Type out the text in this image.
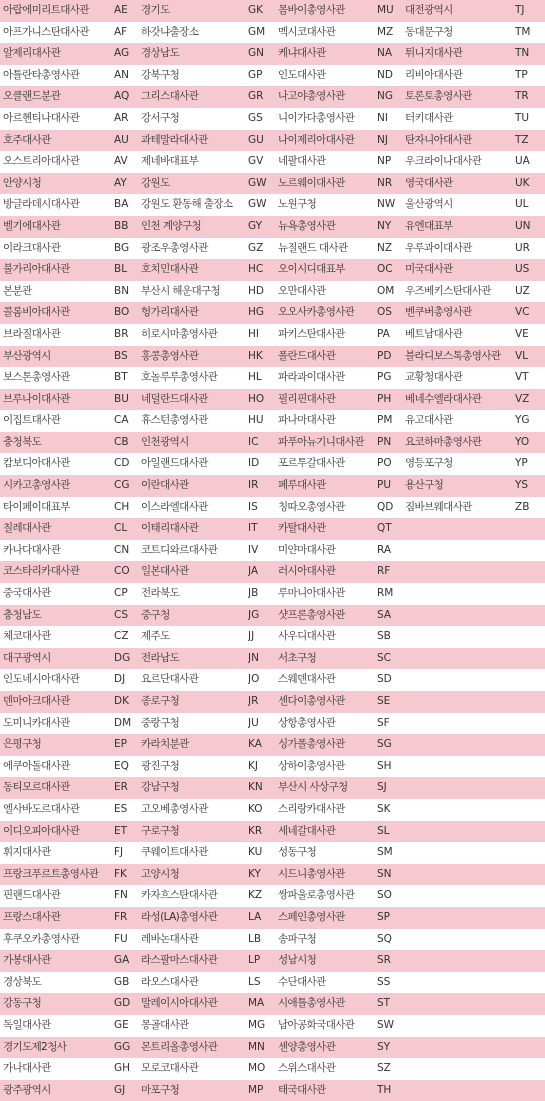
아랍에미리트대사관	AE	경기도	GK	몸바이총영사관	MU	대전광역시	TJ
아프가니스탄대사관	AF	하갓냐출장소	GM	멕시코대사관	MZ	동대문구청	TM
알제리대사관	AG	경상남도	GN	케냐대사관	NA	튀니지대사관	TN
아틀란타총영사관	AN	강북구청	GP	인도대사관	ND	리비아대사관	TP
오클랜드분관	AQ	그리스대사관	GR	나고야총영사관	NG	토론토총영사관	TR
아르헨티나대사관	AR	강서구청	GS	니이가다총영사관	NI	터키대사관	TU
호주대사관	AU	과테말라대사관	GU	나이제리아대사관	NJ	탄자니아대사관	TZ
오스트리아대사관	AV	제네바대표부	GV	네팔대사관	NP	우크라이나대사관	UA
안양시청	AY	강원도	GW	노르웨이대사관	NR	영국대사관	UK
방글라데시대사관	BA	강원도 환동해 출장소	GW	노원구청	NW 울산광역시	UL
벨기에대사관	BB	인천 계양구청	GY	뉴욕총영사관	NY	유엔대표부	UN
이라크대사관	BG	광조우총영사관	GZ	뉴질랜드 대사관	NZ	우루과이대사관	UR
불가리아대사관	BL	호치민대사관	HC	오이시디대표부	OC	미국대사관	US
본분관	BN	부산시 해운대구청	HD	오만대사관	OM	우즈베키스탄대사관	UZ
콜롬비아대사관	BO	헝가리대사관	HG	오오사카총영사관	OS	벤쿠버총영사관	VC
브라질대사관	BR	히로시마총영사관	HI	파키스탄대사관	PA	베트남대사관	VE
부산광역시	BS	홍콩총영사관	HK	폴란드대사관	PD	블라디보스톡총영사관	VL
보스톤총영사관	BT	호놀루루총영사관	HL	파라과이대사관	PG	교황청대사관	VT
브루나이대사관	BU	네덜란드대사관	HO	필리핀대사관	PH	베네수엘라대사관	VZ
이집트대사관	CA	휴스턴총영사관	HU	파나마대사관	PM	유고대사관	YG
충청북도	CB	인천광역시	IC	파푸아뉴기니대사관	PN	요코하마총영사관	YO
캄보디아대사관	CD	아일랜드대사관	ID	포르투갈대사관	PO	영등포구청	YP
시카고총영사관	CG	이란대사관	IR	페루대사관	PU	용산구청	YS
타이페이대표부	CH	이스라엘대사관	IS	칭따오총영사관	QD	짐바브웨대사관	ZB
칠레대사관	CL	이태리대사관	IT	카탈대사관	QT
카나다대사관	CN	코트디와르대사관	IV	미얀마대사관	RA
코스타리카대사관	CO	일본대사관	JA	러시아대사관	RF
중국대사관	CP	전라북도	JB	루마니아대사관	RM
충청남도	CS	중구청	JG	샷프론총영사관	SA
체코대사관	CZ	제주도	JJ	사우디대사관	SB
대구광역시	DG	전라남도	JN	서초구청	SC
인도네시아대사관	DJ	요르단대사관	JO	스웨덴대사관	SD
덴마아크대사관	DK	종로구청	JR	센다이총영사관	SE
도미니카대사관	DM 중랑구청	JU	상항총영사관	SF
은평구청	EP	카라치분관	KA	싱가폴총영사관	SG
에쿠아돌대사관	EQ	광진구청	KJ	상하이총영사관	SH
동티모르대사관	ER	강남구청	KN	부산시 사상구청	SJ
엘사바도르대사관	ES	고오베총영사관	KO	스리랑카대사관	SK
이디오피아대사관	ET	구로구청	KR	세네갈대사관	SL
휘지대사관	FJ	쿠웨이트대사관	KU	성동구청	SM
프랑크푸르트총영사관	FK	고양시청	KY	시드니총영사관	SN
핀랜드대사관	FN	카자흐스탄대사관	KZ	쌍파울로총영사관	SO
프랑스대사관	FR	라성(LA)총영사관	LA	스페인총영사관	SP
후쿠오카총영사관	FU	레바논대사관	LB	송파구청	SQ
가봉대사관	GA	라스팔마스대사관	LP	성남시청	SR
경상북도	GB	라오스대사관	LS	수단대사관	SS
강동구청	GD	말레이시아대사관	MA	시애틀총영사관	ST
독일대사관	GE	몽골대사관	MG	남아공화국대사관	SW
경기도제2청사	GG	몬트리올총영사관	MN	센양총영사관	SY
가나대사관	GH	모로코대사관	MO	스위스대사관	SZ
광주광역시	GJ	마포구청	MP	태국대사관	TH
